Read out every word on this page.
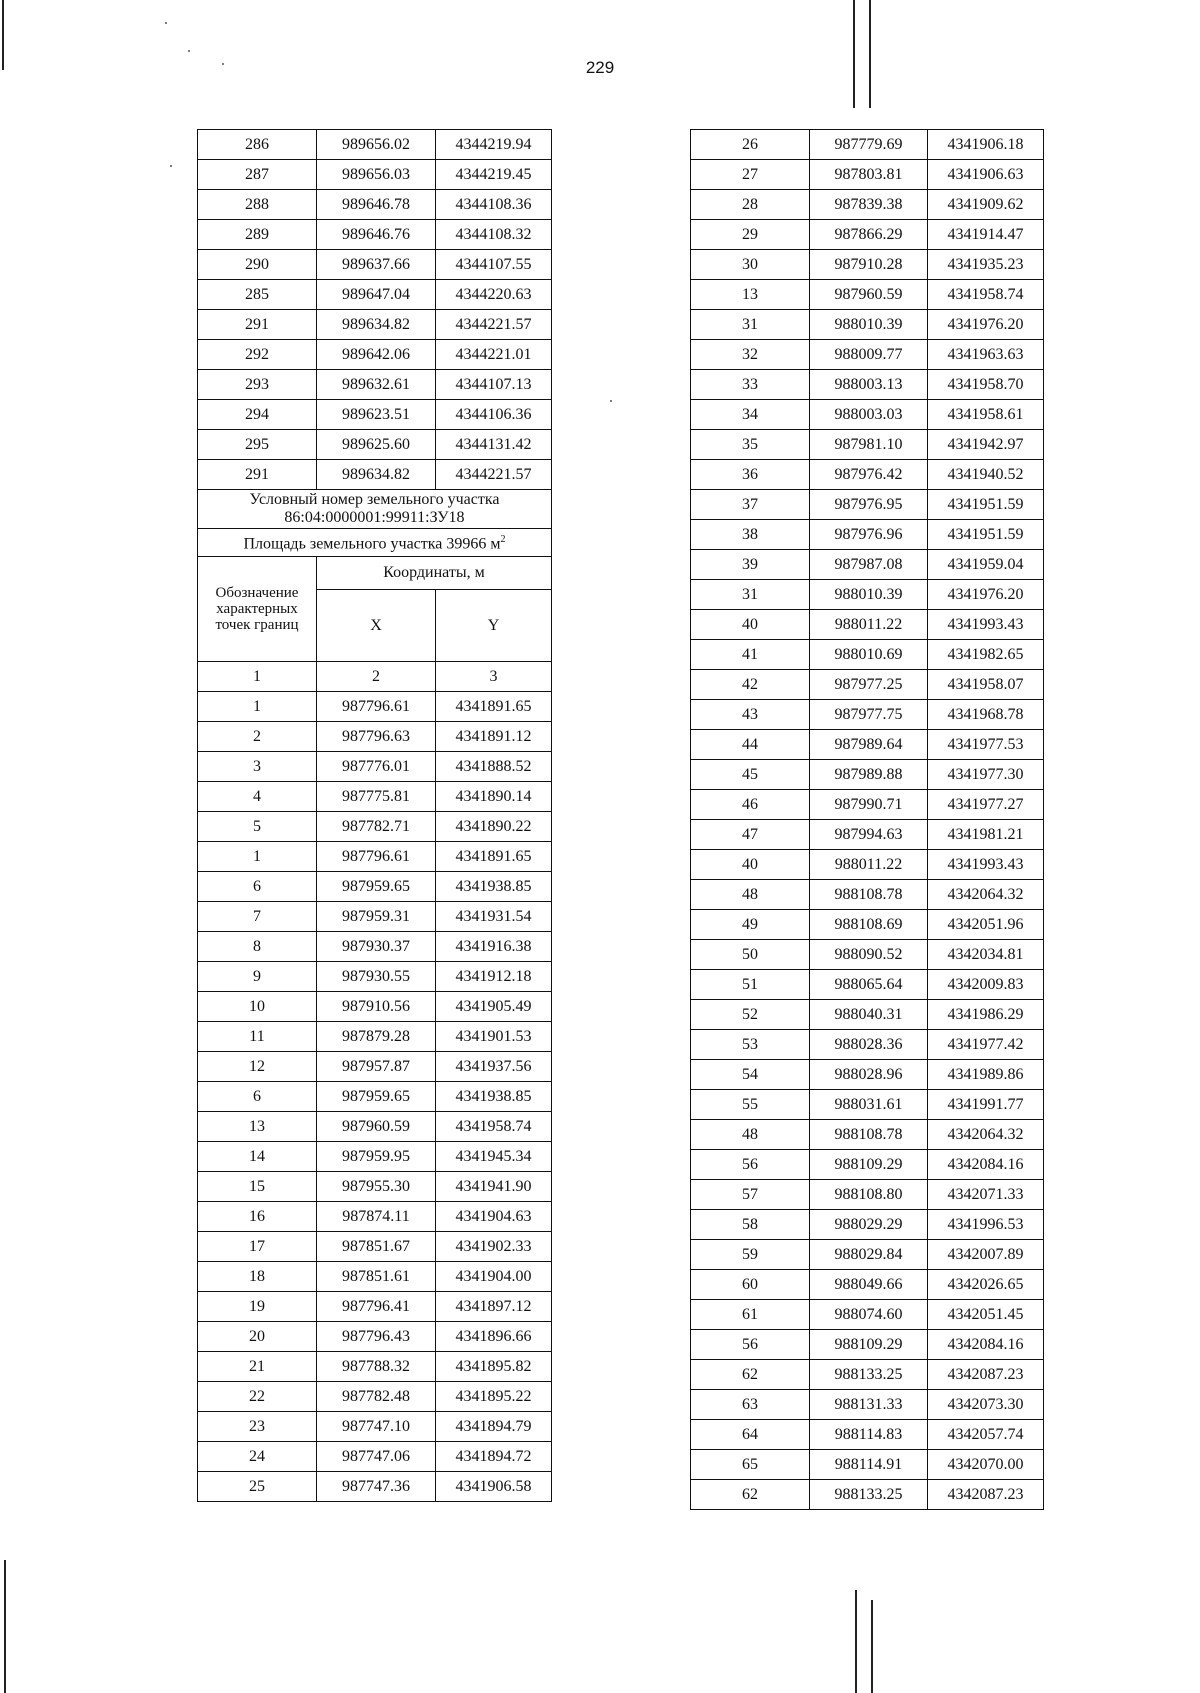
229
286	989656.02	4344219.94
287	989656.03	4344219.45
288	989646.78	4344108.36
289	989646.76	4344108.32
290	989637.66	4344107.55
285	989647.04	4344220.63
291	989634.82	4344221.57
292	989642.06	4344221.01
293	989632.61	4344107.13
294	989623.51	4344106.36
295	989625.60	4344131.42
291	989634.82	4344221.57
Условный номер земельного участка 86:04:0000001:99911:ЗУ18		
Площадь земельного участка 39966 $м^2$
Обозначение характерных точек границ	Координаты, м	
	X	Y
1	2	3
1	987796.61	4341891.65
2	987796.63	4341891.12
3	987776.01	4341888.52
4	987775.81	4341890.14
5	987782.71	4341890.22
1	987796.61	4341891.65
6	987959.65	4341938.85
7	987959.31	4341931.54
8	987930.37	4341916.38
9	987930.55	4341912.18
10	987910.56	4341905.49
11	987879.28	4341901.53
12	987957.87	4341937.56
6	987959.65	4341938.85
13	987960.59	4341958.74
14	987959.95	4341945.34
15	987955.30	4341941.90
16	987874.11	4341904.63
17	987851.67	4341902.33
18	987851.61	4341904.00
19	987796.41	4341897.12
20	987796.43	4341896.66
21	987788.32	4341895.82
22	987782.48	4341895.22
23	987747.10	4341894.79
24	987747.06	4341894.72
25	987747.36	4341906.58
26	987779.69	4341906.18
27	987803.81	4341906.63
28	987839.38	4341909.62
29	987866.29	4341914.47
30	987910.28	4341935.23
13	987960.59	4341958.74
31	988010.39	4341976.20
32	988009.77	4341963.63
33	988003.13	4341958.70
34	988003.03	4341958.61
35	987981.10	4341942.97
36	987976.42	4341940.52
37	987976.95	4341951.59
38	987976.96	4341951.59
39	987987.08	4341959.04
31	988010.39	4341976.20
40	988011.22	4341993.43
41	988010.69	4341982.65
42	987977.25	4341958.07
43	987977.75	4341968.78
44	987989.64	4341977.53
45	987989.88	4341977.30
46	987990.71	4341977.27
47	987994.63	4341981.21
40	988011.22	4341993.43
48	988108.78	4342064.32
49	988108.69	4342051.96
50	988090.52	4342034.81
51	988065.64	4342009.83
52	988040.31	4341986.29
53	988028.36	4341977.42
54	988028.96	4341989.86
55	988031.61	4341991.77
48	988108.78	4342064.32
56	988109.29	4342084.16
57	988108.80	4342071.33
58	988029.29	4341996.53
59	988029.84	4342007.89
60	988049.66	4342026.65
61	988074.60	4342051.45
56	988109.29	4342084.16
62	988133.25	4342087.23
63	988131.33	4342073.30
64	988114.83	4342057.74
65	988114.91	4342070.00
62	988133.25	4342087.23
